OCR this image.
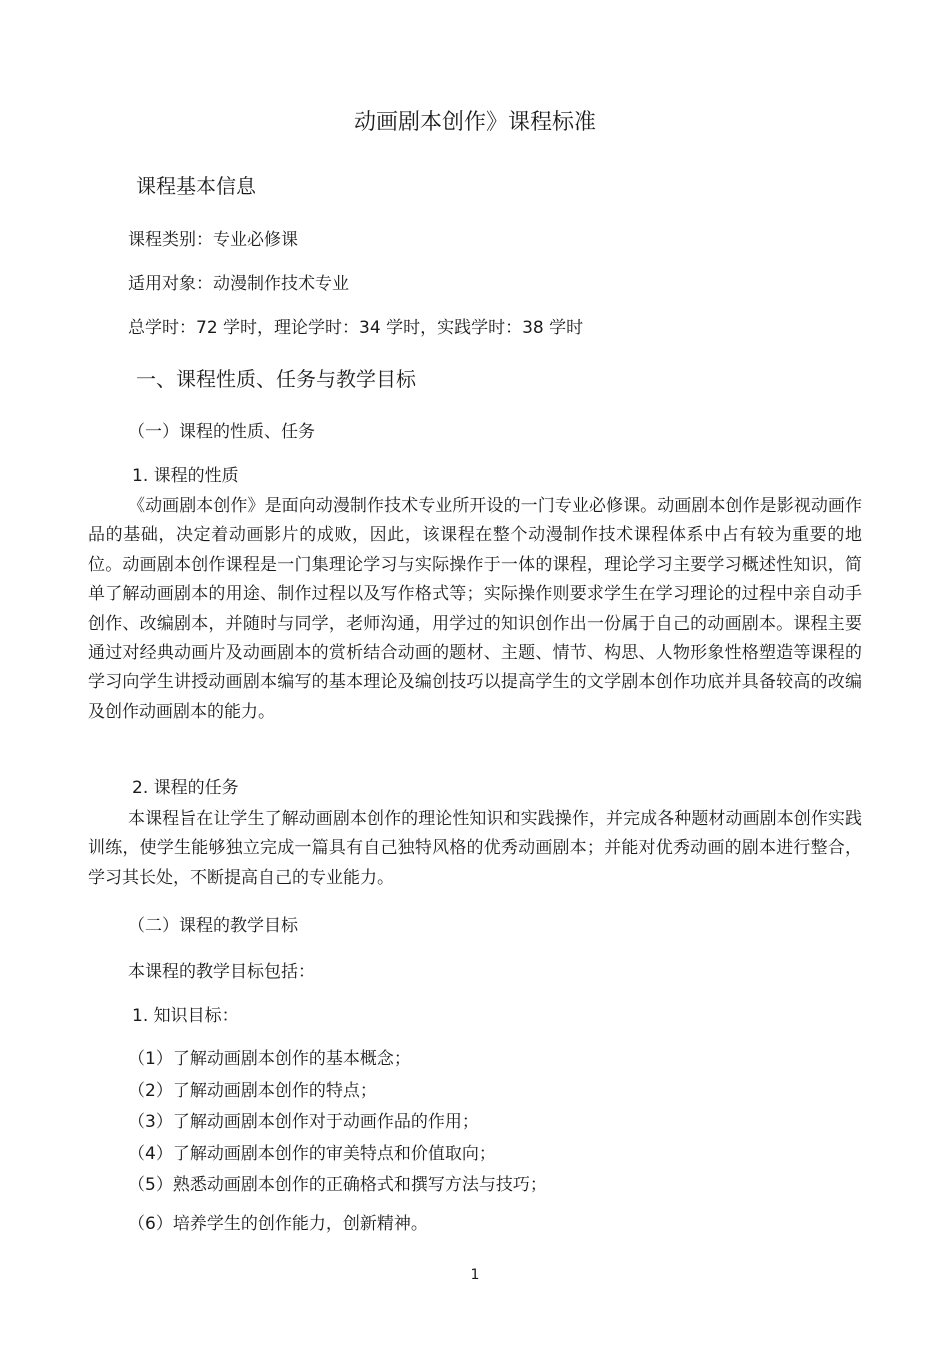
动画剧本创作》课程标准
课程基本信息
课程类别：专业必修课
适用对象：动漫制作技术专业
总学时：72 学时，理论学时：34 学时，实践学时：38 学时
一、课程性质、任务与教学目标
（一）课程的性质、任务
1. 课程的性质
《动画剧本创作》是面向动漫制作技术专业所开设的一门专业必修课。动画剧本创作是影视动画作品的基础，决定着动画影片的成败，因此，该课程在整个动漫制作技术课程体系中占有较为重要的地位。动画剧本创作课程是一门集理论学习与实际操作于一体的课程，理论学习主要学习概述性知识，简单了解动画剧本的用途、制作过程以及写作格式等；实际操作则要求学生在学习理论的过程中亲自动手创作、改编剧本，并随时与同学，老师沟通，用学过的知识创作出一份属于自己的动画剧本。课程主要通过对经典动画片及动画剧本的赏析结合动画的题材、主题、情节、构思、人物形象性格塑造等课程的学习向学生讲授动画剧本编写的基本理论及编创技巧以提高学生的文学剧本创作功底并具备较高的改编及创作动画剧本的能力。
2. 课程的任务
本课程旨在让学生了解动画剧本创作的理论性知识和实践操作，并完成各种题材动画剧本创作实践训练，使学生能够独立完成一篇具有自己独特风格的优秀动画剧本；并能对优秀动画的剧本进行整合，学习其长处，不断提高自己的专业能力。
（二）课程的教学目标
本课程的教学目标包括：
1. 知识目标：
（1）了解动画剧本创作的基本概念；
（2）了解动画剧本创作的特点；
（3）了解动画剧本创作对于动画作品的作用；
（4）了解动画剧本创作的审美特点和价值取向；
（5）熟悉动画剧本创作的正确格式和撰写方法与技巧；
（6）培养学生的创作能力，创新精神。
1
